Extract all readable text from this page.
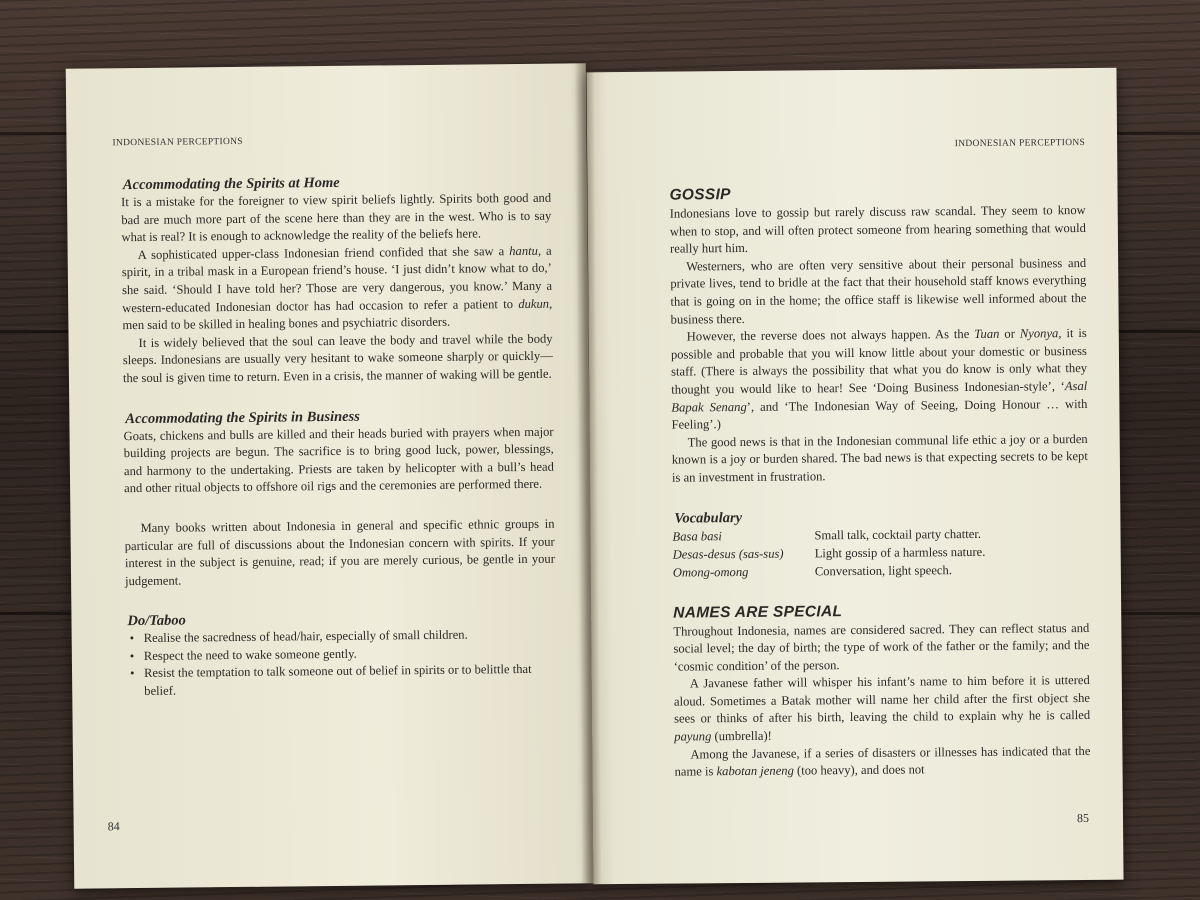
INDONESIAN PERCEPTIONS
Accommodating the Spirits at Home

It is a mistake for the foreigner to view spirit beliefs lightly. Spirits both good and bad are much more part of the scene here than they are in the west. Who is to say what is real? It is enough to acknowledge the reality of the beliefs here.

A sophisticated upper-class Indonesian friend confided that she saw a hantu, a spirit, in a tribal mask in a European friend’s house. ‘I just didn’t know what to do,’ she said. ‘Should I have told her? Those are very dangerous, you know.’ Many a western-educated Indonesian doctor has had occasion to refer a patient to dukun, men said to be skilled in healing bones and psychiatric disorders.

It is widely believed that the soul can leave the body and travel while the body sleeps. Indonesians are usually very hesitant to wake someone sharply or quickly—the soul is given time to return. Even in a crisis, the manner of waking will be gentle.

Accommodating the Spirits in Business

Goats, chickens and bulls are killed and their heads buried with prayers when major building projects are begun. The sacrifice is to bring good luck, power, blessings, and harmony to the undertaking. Priests are taken by helicopter with a bull’s head and other ritual objects to offshore oil rigs and the ceremonies are performed there.

Many books written about Indonesia in general and specific ethnic groups in particular are full of discussions about the Indonesian concern with spirits. If your interest in the subject is genuine, read; if you are merely curious, be gentle in your judgement.

Do/Taboo
• Realise the sacredness of head/hair, especially of small children.
• Respect the need to wake someone gently.
• Resist the temptation to talk someone out of belief in spirits or to belittle that belief.
84
INDONESIAN PERCEPTIONS
GOSSIP

Indonesians love to gossip but rarely discuss raw scandal. They seem to know when to stop, and will often protect someone from hearing something that would really hurt him.

Westerners, who are often very sensitive about their personal business and private lives, tend to bridle at the fact that their household staff knows everything that is going on in the home; the office staff is likewise well informed about the business there.

However, the reverse does not always happen. As the Tuan or Nyonya, it is possible and probable that you will know little about your domestic or business staff. (There is always the possibility that what you do know is only what they thought you would like to hear! See ‘Doing Business Indonesian-style’, ‘Asal Bapak Senang’, and ‘The Indonesian Way of Seeing, Doing Honour … with Feeling’.)

The good news is that in the Indonesian communal life ethic a joy or a burden known is a joy or burden shared. The bad news is that expecting secrets to be kept is an investment in frustration.

Vocabulary
Basa basi	Small talk, cocktail party chatter.
Desas-desus (sas-sus)	Light gossip of a harmless nature.
Omong-omong	Conversation, light speech.
NAMES ARE SPECIAL

Throughout Indonesia, names are considered sacred. They can reflect status and social level; the day of birth; the type of work of the father or the family; and the ‘cosmic condition’ of the person.

A Javanese father will whisper his infant’s name to him before it is uttered aloud. Sometimes a Batak mother will name her child after the first object she sees or thinks of after his birth, leaving the child to explain why he is called payung (umbrella)!

Among the Javanese, if a series of disasters or illnesses has indicated that the name is kabotan jeneng (too heavy), and does not

85
